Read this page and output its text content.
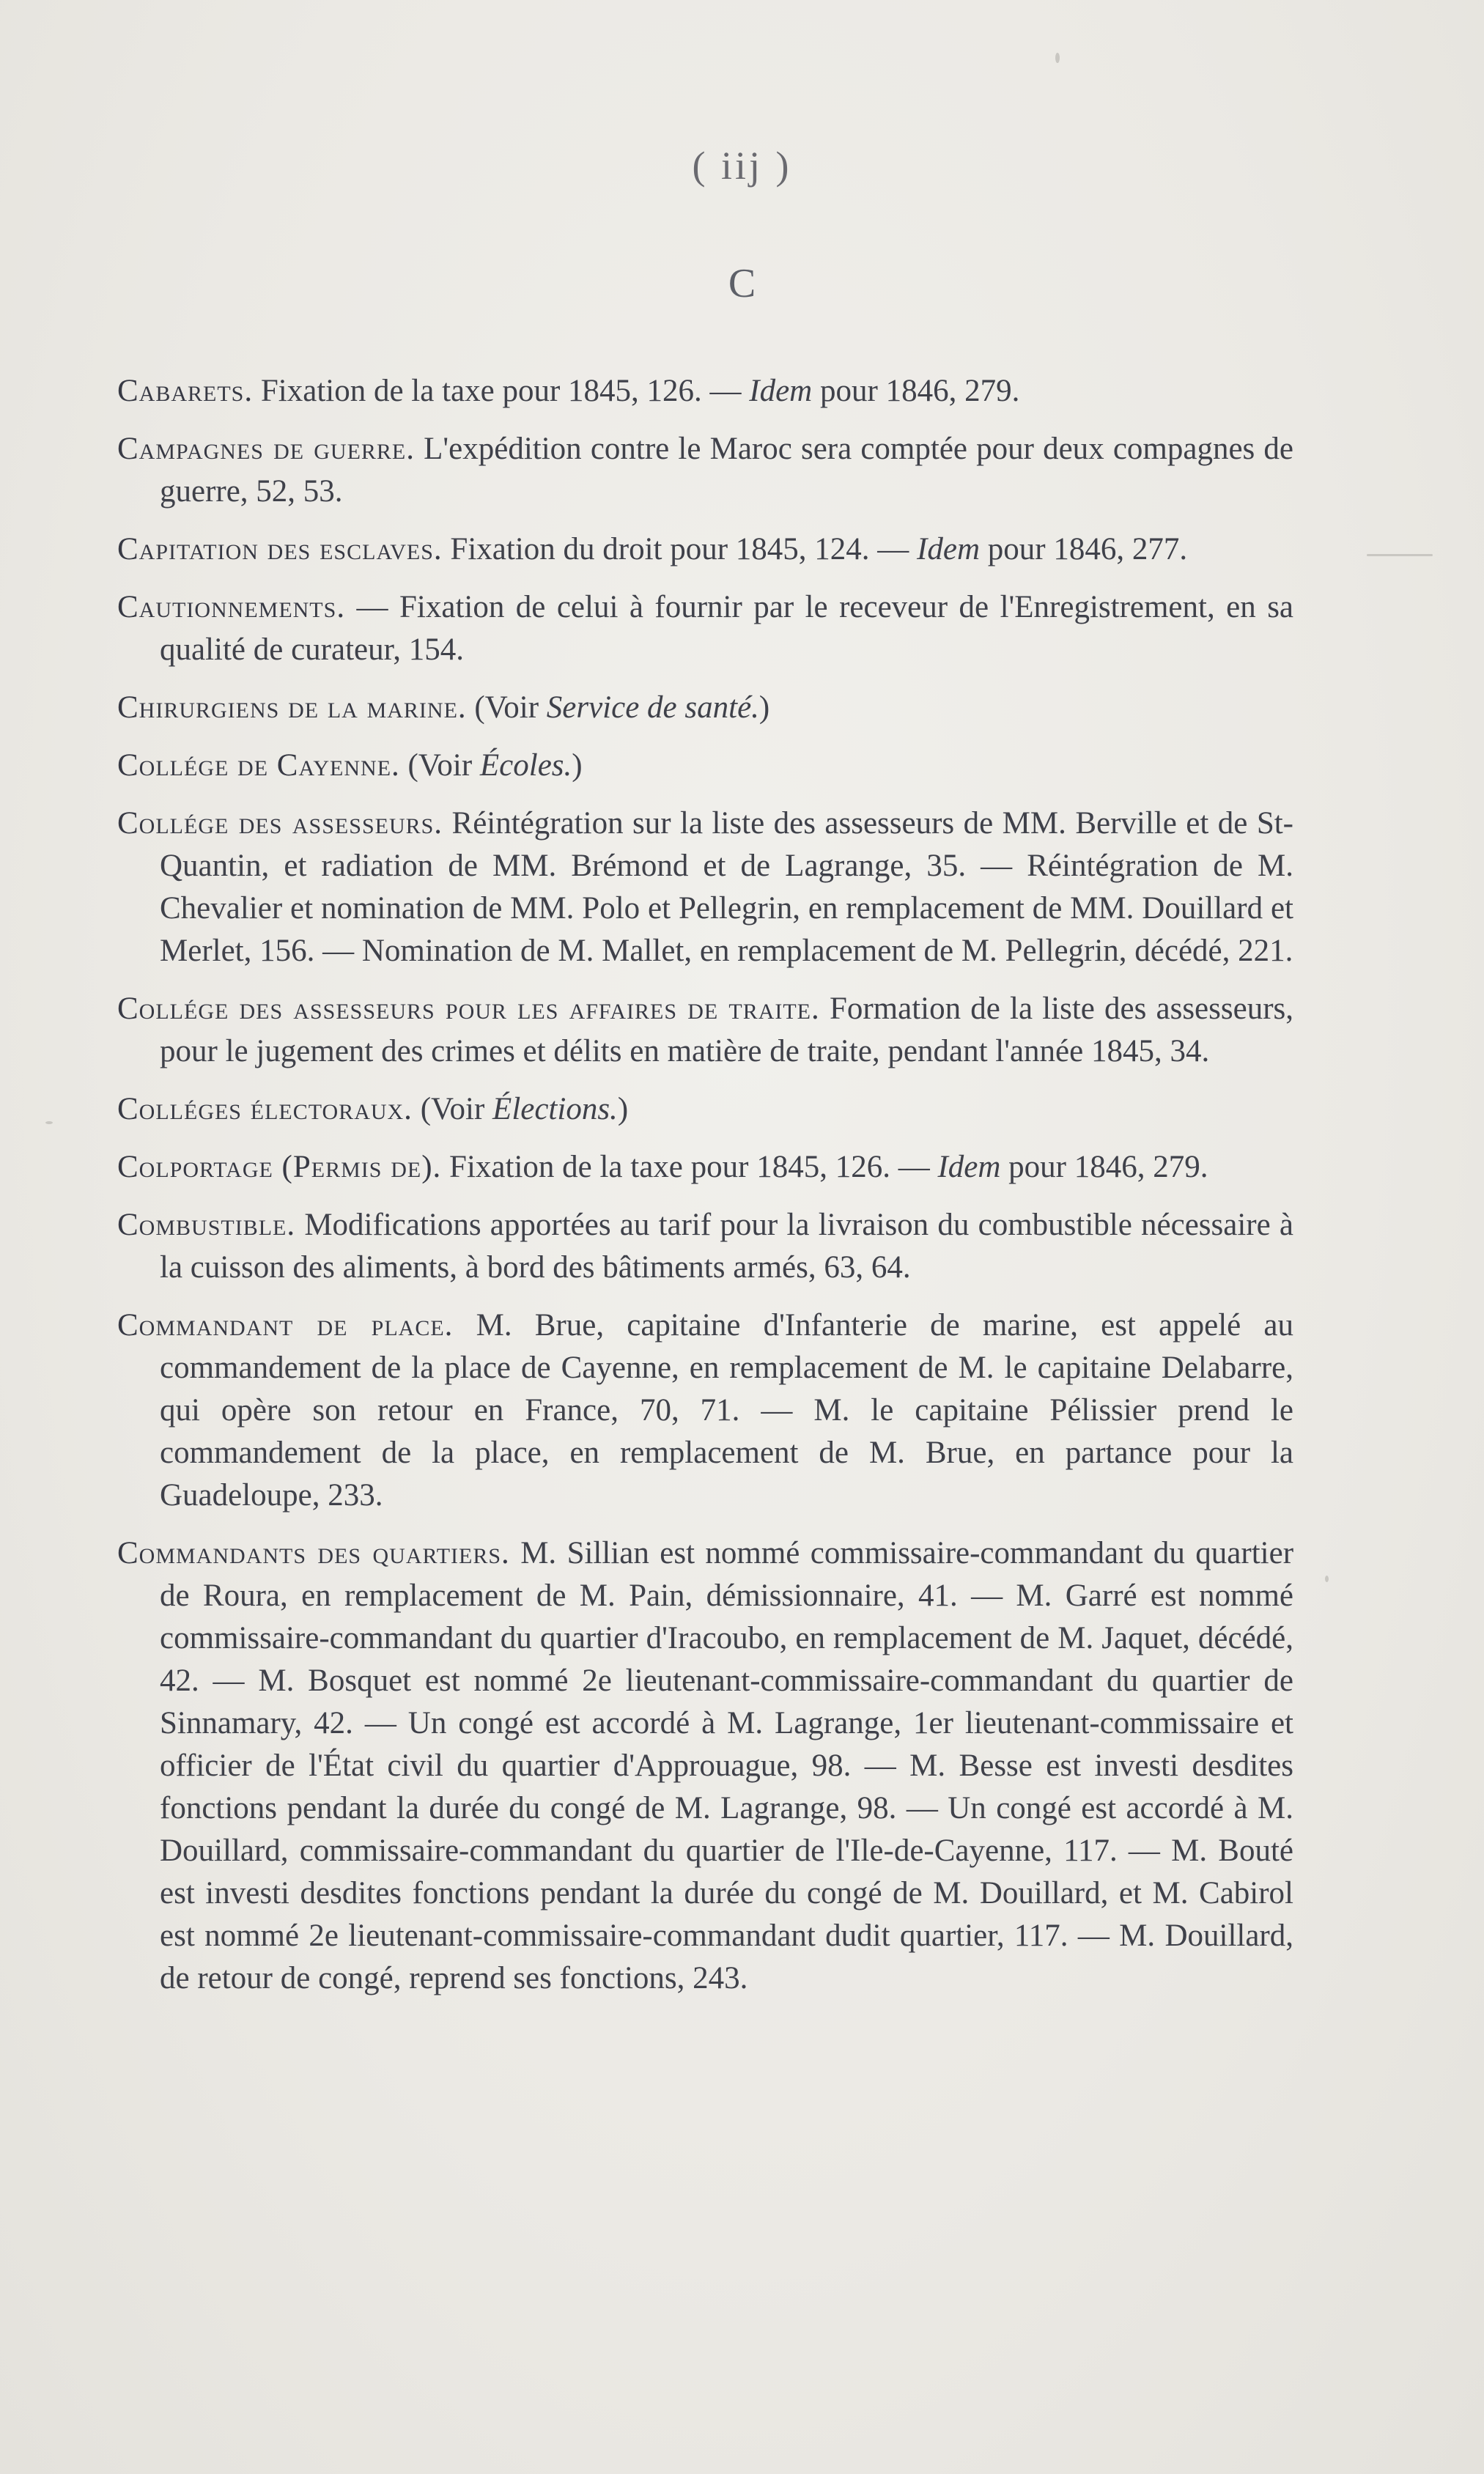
( iij )
C

Cabarets. Fixation de la taxe pour 1845, 126. — Idem pour 1846, 279.

Campagnes de guerre. L'expédition contre le Maroc sera comptée pour deux compagnes de guerre, 52, 53.

Capitation des esclaves. Fixation du droit pour 1845, 124. — Idem pour 1846, 277.

Cautionnements. — Fixation de celui à fournir par le receveur de l'Enregistrement, en sa qualité de curateur, 154.

Chirurgiens de la marine. (Voir Service de santé.)

Collége de Cayenne. (Voir Écoles.)

Collége des assesseurs. Réintégration sur la liste des assesseurs de MM. Berville et de St-Quantin, et radiation de MM. Brémond et de Lagrange, 35. — Réintégration de M. Chevalier et nomination de MM. Polo et Pellegrin, en remplacement de MM. Douillard et Merlet, 156. — Nomination de M. Mallet, en remplacement de M. Pellegrin, décédé, 221.

Collége des assesseurs pour les affaires de traite. Formation de la liste des assesseurs, pour le jugement des crimes et délits en matière de traite, pendant l'année 1845, 34.

Colléges électoraux. (Voir Élections.)

Colportage (Permis de). Fixation de la taxe pour 1845, 126. — Idem pour 1846, 279.

Combustible. Modifications apportées au tarif pour la livraison du combustible nécessaire à la cuisson des aliments, à bord des bâtiments armés, 63, 64.

Commandant de place. M. Brue, capitaine d'Infanterie de marine, est appelé au commandement de la place de Cayenne, en remplacement de M. le capitaine Delabarre, qui opère son retour en France, 70, 71. — M. le capitaine Pélissier prend le commandement de la place, en remplacement de M. Brue, en partance pour la Guadeloupe, 233.

Commandants des quartiers. M. Sillian est nommé commissaire-commandant du quartier de Roura, en remplacement de M. Pain, démissionnaire, 41. — M. Garré est nommé commissaire-commandant du quartier d'Iracoubo, en remplacement de M. Jaquet, décédé, 42. — M. Bosquet est nommé 2e lieutenant-commissaire-commandant du quartier de Sinnamary, 42. — Un congé est accordé à M. Lagrange, 1er lieutenant-commissaire et officier de l'État civil du quartier d'Approuague, 98. — M. Besse est investi desdites fonctions pendant la durée du congé de M. Lagrange, 98. — Un congé est accordé à M. Douillard, commissaire-commandant du quartier de l'Ile-de-Cayenne, 117. — M. Bouté est investi desdites fonctions pendant la durée du congé de M. Douillard, et M. Cabirol est nommé 2e lieutenant-commissaire-commandant dudit quartier, 117. — M. Douillard, de retour de congé, reprend ses fonctions, 243.
